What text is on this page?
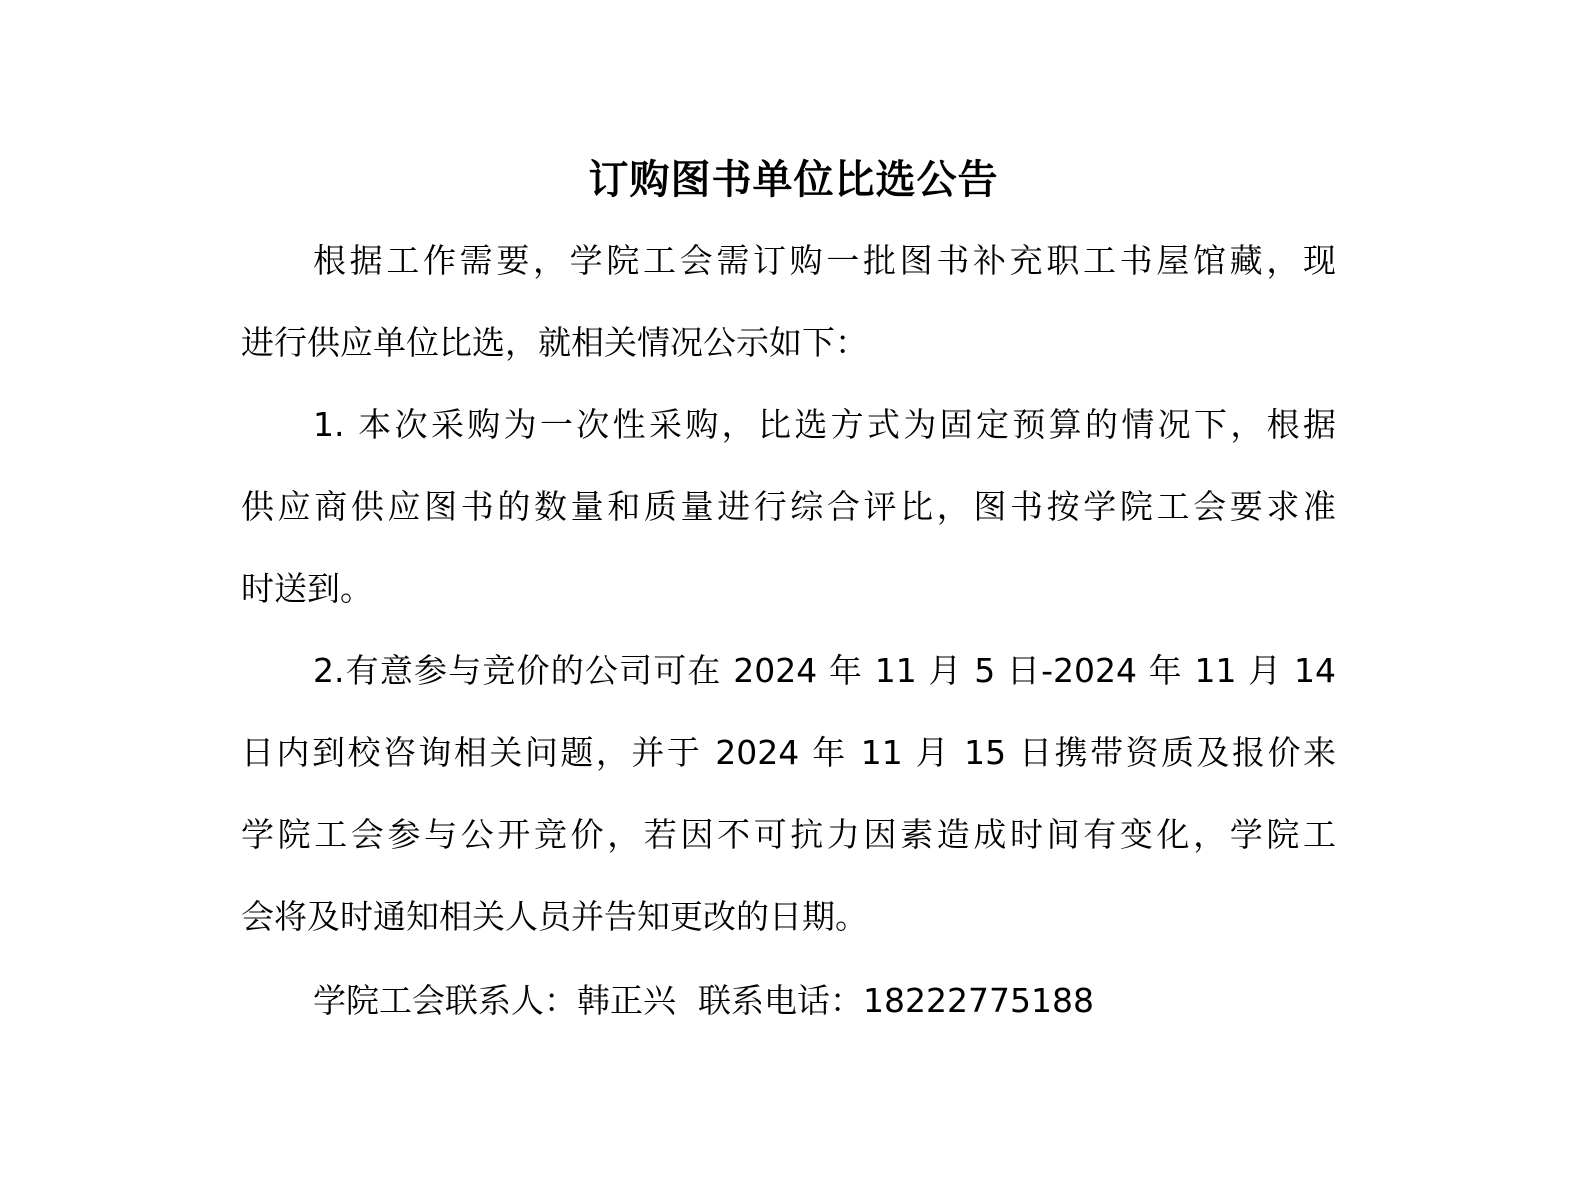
订购图书单位比选公告

根据工作需要，学院工会需订购一批图书补充职工书屋馆藏，现

进行供应单位比选，就相关情况公示如下：

1. 本次采购为一次性采购，比选方式为固定预算的情况下，根据

供应商供应图书的数量和质量进行综合评比，图书按学院工会要求准

时送到。

2.有意参与竞价的公司可在 2024 年 11 月 5 日-2024 年 11 月 14

日内到校咨询相关问题，并于 2024 年 11 月 15 日携带资质及报价来

学院工会参与公开竞价，若因不可抗力因素造成时间有变化，学院工

会将及时通知相关人员并告知更改的日期。

学院工会联系人：韩正兴 联系电话：18222775188
